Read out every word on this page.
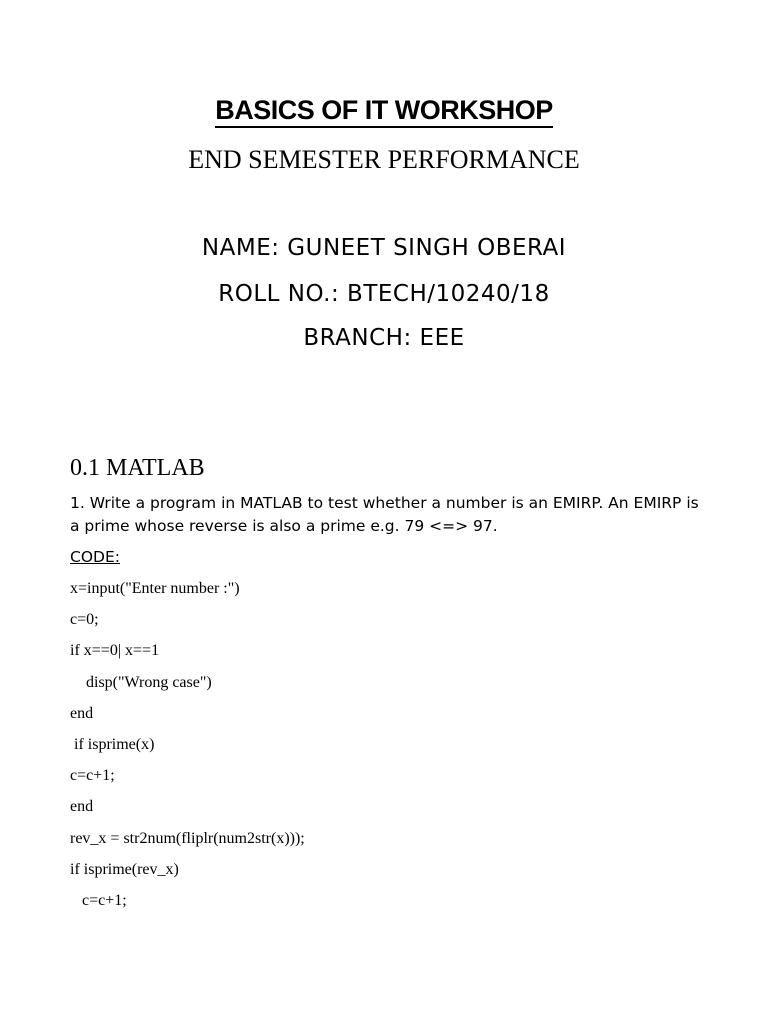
BASICS OF IT WORKSHOP
END SEMESTER PERFORMANCE
NAME: GUNEET SINGH OBERAI
ROLL NO.: BTECH/10240/18
BRANCH: EEE
0.1 MATLAB
1. Write a program in MATLAB to test whether a number is an EMIRP. An EMIRP is a prime whose reverse is also a prime e.g. 79 <=> 97.
CODE:
x=input("Enter number :")
c=0;
if x==0| x==1
disp("Wrong case")
end
if isprime(x)
c=c+1;
end
rev_x = str2num(fliplr(num2str(x)));
if isprime(rev_x)
c=c+1;
